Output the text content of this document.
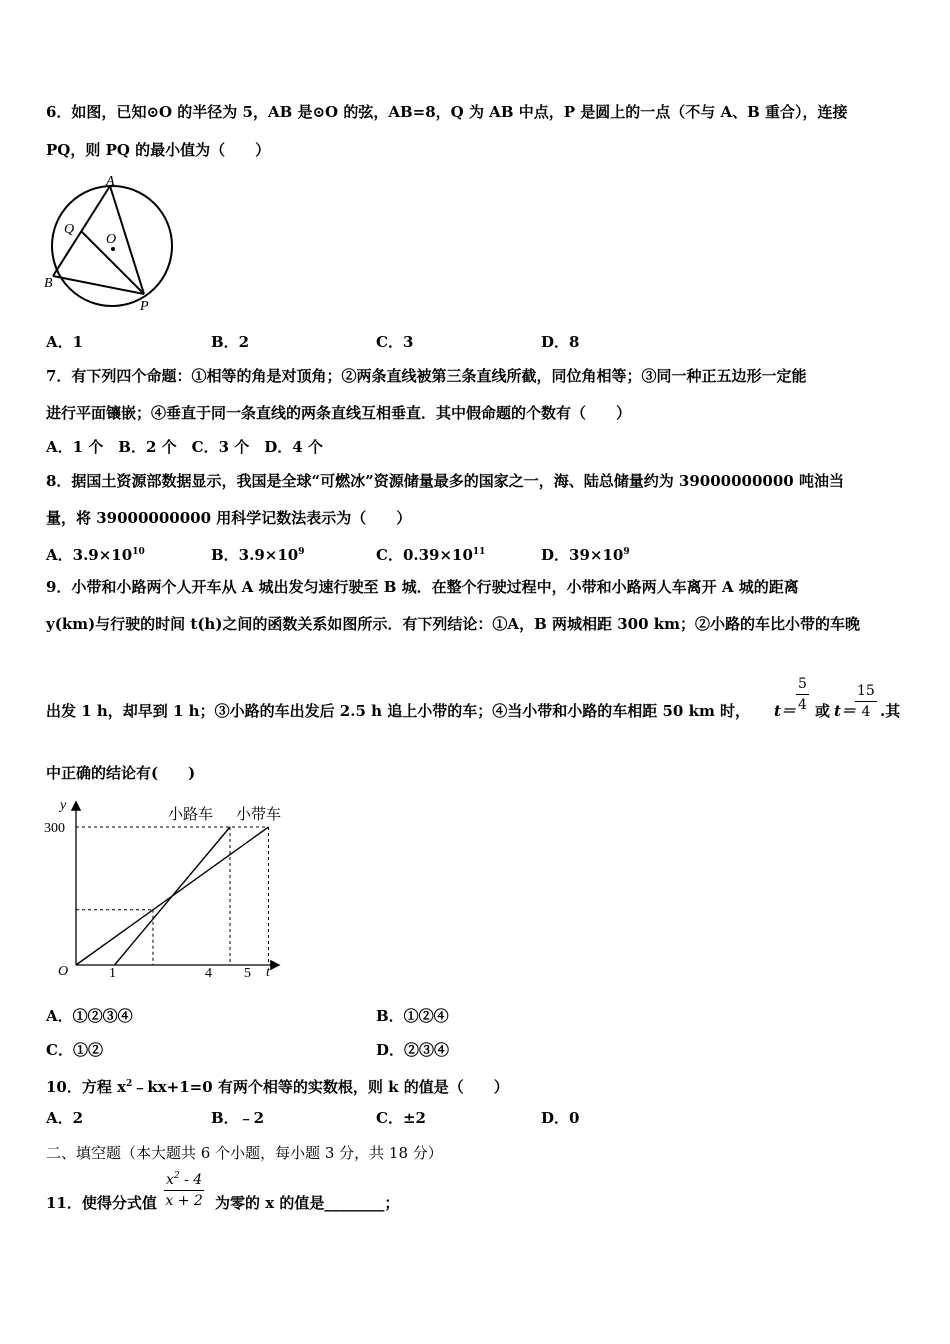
6．如图，已知⊙O 的半径为 5，AB 是⊙O 的弦，AB=8，Q 为 AB 中点，P 是圆上的一点（不与 A、B 重合），连接
PQ，则 PQ 的最小值为（　　）
A
Q
O
B
P
A．1	B．2	C．3	D．8
7．有下列四个命题：①相等的角是对顶角；②两条直线被第三条直线所截，同位角相等；③同一种正五边形一定能
进行平面镶嵌；④垂直于同一条直线的两条直线互相垂直．其中假命题的个数有（　　）
A．1 个　B．2 个　C．3 个　D．4 个
8．据国土资源部数据显示，我国是全球“可燃冰”资源储量最多的国家之一，海、陆总储量约为 39000000000 吨油当
量，将 39000000000 用科学记数法表示为（　　）
A．$3.9\times 10^{10}$	B．$3.9\times 10^9$	C．$0.39\times 10^{11}$	D．$39\times 10^9$
9．小带和小路两个人开车从 A 城出发匀速行驶至 B 城．在整个行驶过程中，小带和小路两人车离开 A 城的距离
y(km)与行驶的时间 t(h)之间的函数关系如图所示．有下列结论：①A，B 两城相距 300 km；②小路的车比小带的车晚
出发 1 h，却早到 1 h；③小路的车出发后 2.5 h 追上小带的车；④当小带和小路的车相距 50 km 时， $t= \frac{5}{4}$ 或 $t= \frac{15}{4}$ .其
中正确的结论有(　　)
y
t
O
300
1	4 5
小路车 小带车
A．①②③④	B．①②④
C．①②	D．②③④
10．方程 $x^2﹣kx+1=0$ 有两个相等的实数根，则 k 的值是（　　）
A．2	B．﹣2	C．±2	D．0
二、填空题（本大题共 6 个小题，每小题 3 分，共 18 分）
11．使得分式值 $\frac{x^2 - 4}{x + 2}$ 为零的 x 的值是________；
